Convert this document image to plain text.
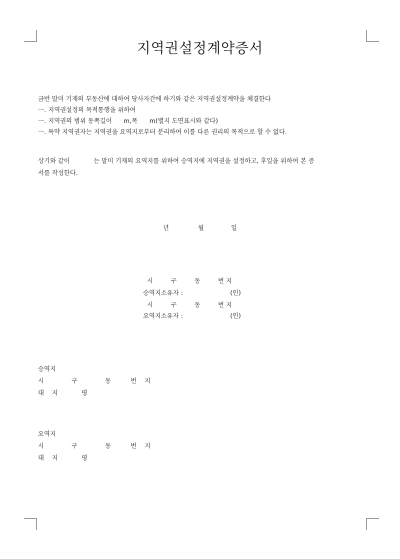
지역권설정계약증서
금반 말미 기재의 부동산에 대하여 당사자간에 하기와 같은 지역권설정계약을 체결한다
一. 지역권설정의 목적통행을 위하여
一. 지역권의 범위 동쪽길이      m,폭      m(별지 도면표시와 같다)
一. 특약 지역권자는 지역권을 요역지로부터 분리하여 이를 다른 권리의 목적으로 할 수 없다.
상기와 같이            는 말미 기재의 요역지를 위하여 승역지에 지역권을 설정하고, 후일을 위하여 본 증
서를 작성한다.
년	월	일
시         구         동         번 지
승역지소유자 :                        (인)
시         구         동         번 지
요역지소유자 :                        (인)
승역지
시              구              동          번    지
대    지            평
요역지
시              구              동          번    지
대    지            평
